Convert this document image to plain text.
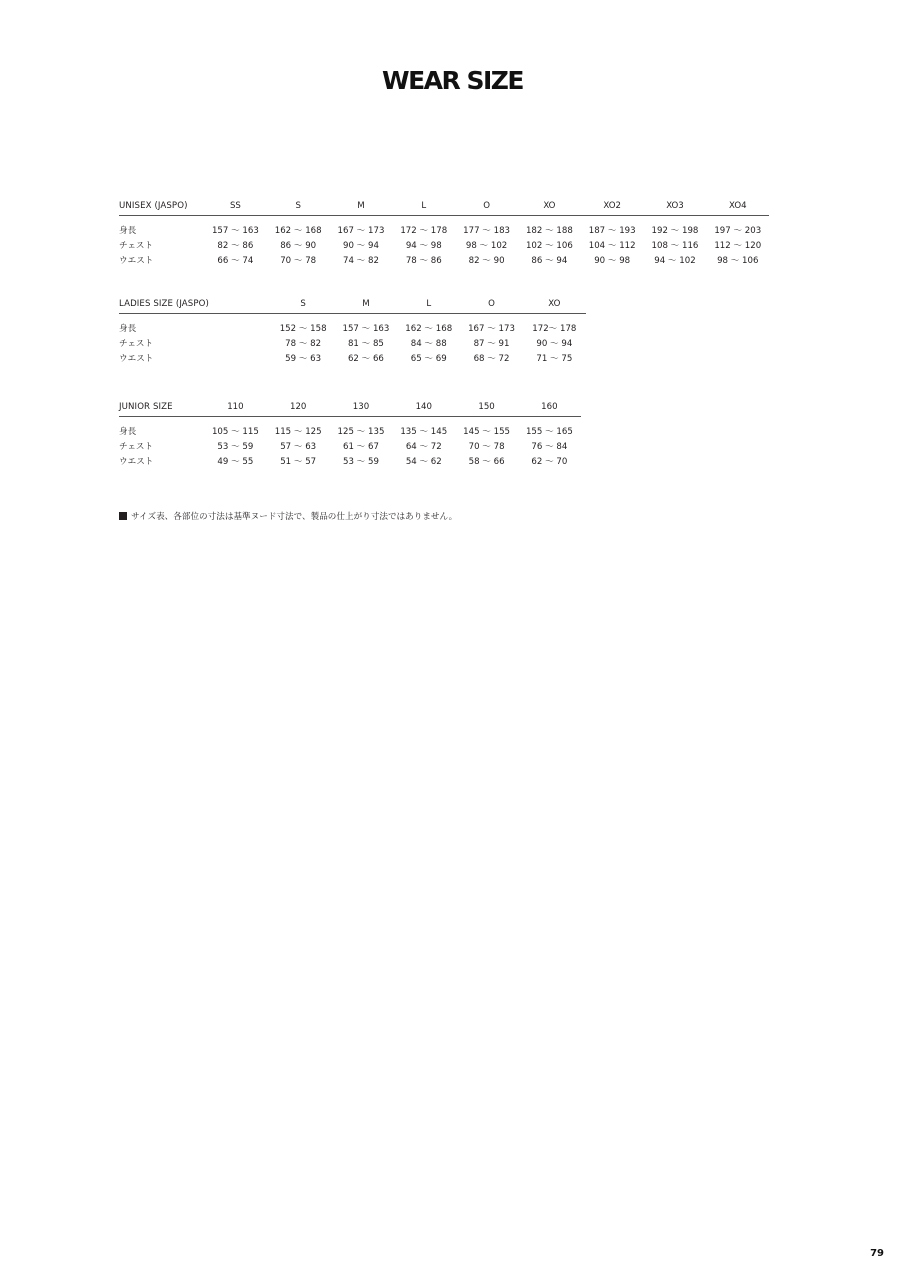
WEAR SIZE
UNISEX (JASPO)	SS	S	M	L	O	XO	XO2	XO3	XO4
身長	157 〜 163	162 〜 168	167 〜 173	172 〜 178	177 〜 183	182 〜 188	187 〜 193	192 〜 198	197 〜 203
チェスト	82 〜 86	86 〜 90	90 〜 94	94 〜 98	98 〜 102	102 〜 106	104 〜 112	108 〜 116	112 〜 120
ウエスト	66 〜 74	70 〜 78	74 〜 82	78 〜 86	82 〜 90	86 〜 94	90 〜 98	94 〜 102	98 〜 106
LADIES SIZE (JASPO)		S	M	L	O	XO
身長		152 〜 158	157 〜 163	162 〜 168	167 〜 173	172〜 178
チェスト		78 〜 82	81 〜 85	84 〜 88	87 〜 91	90 〜 94
ウエスト		59 〜 63	62 〜 66	65 〜 69	68 〜 72	71 〜 75
JUNIOR SIZE	110	120	130	140	150	160
身長	105 〜 115	115 〜 125	125 〜 135	135 〜 145	145 〜 155	155 〜 165
チェスト	53 〜 59	57 〜 63	61 〜 67	64 〜 72	70 〜 78	76 〜 84
ウエスト	49 〜 55	51 〜 57	53 〜 59	54 〜 62	58 〜 66	62 〜 70
サイズ表、各部位の寸法は基準ヌード寸法で、製品の仕上がり寸法ではありません。
79
